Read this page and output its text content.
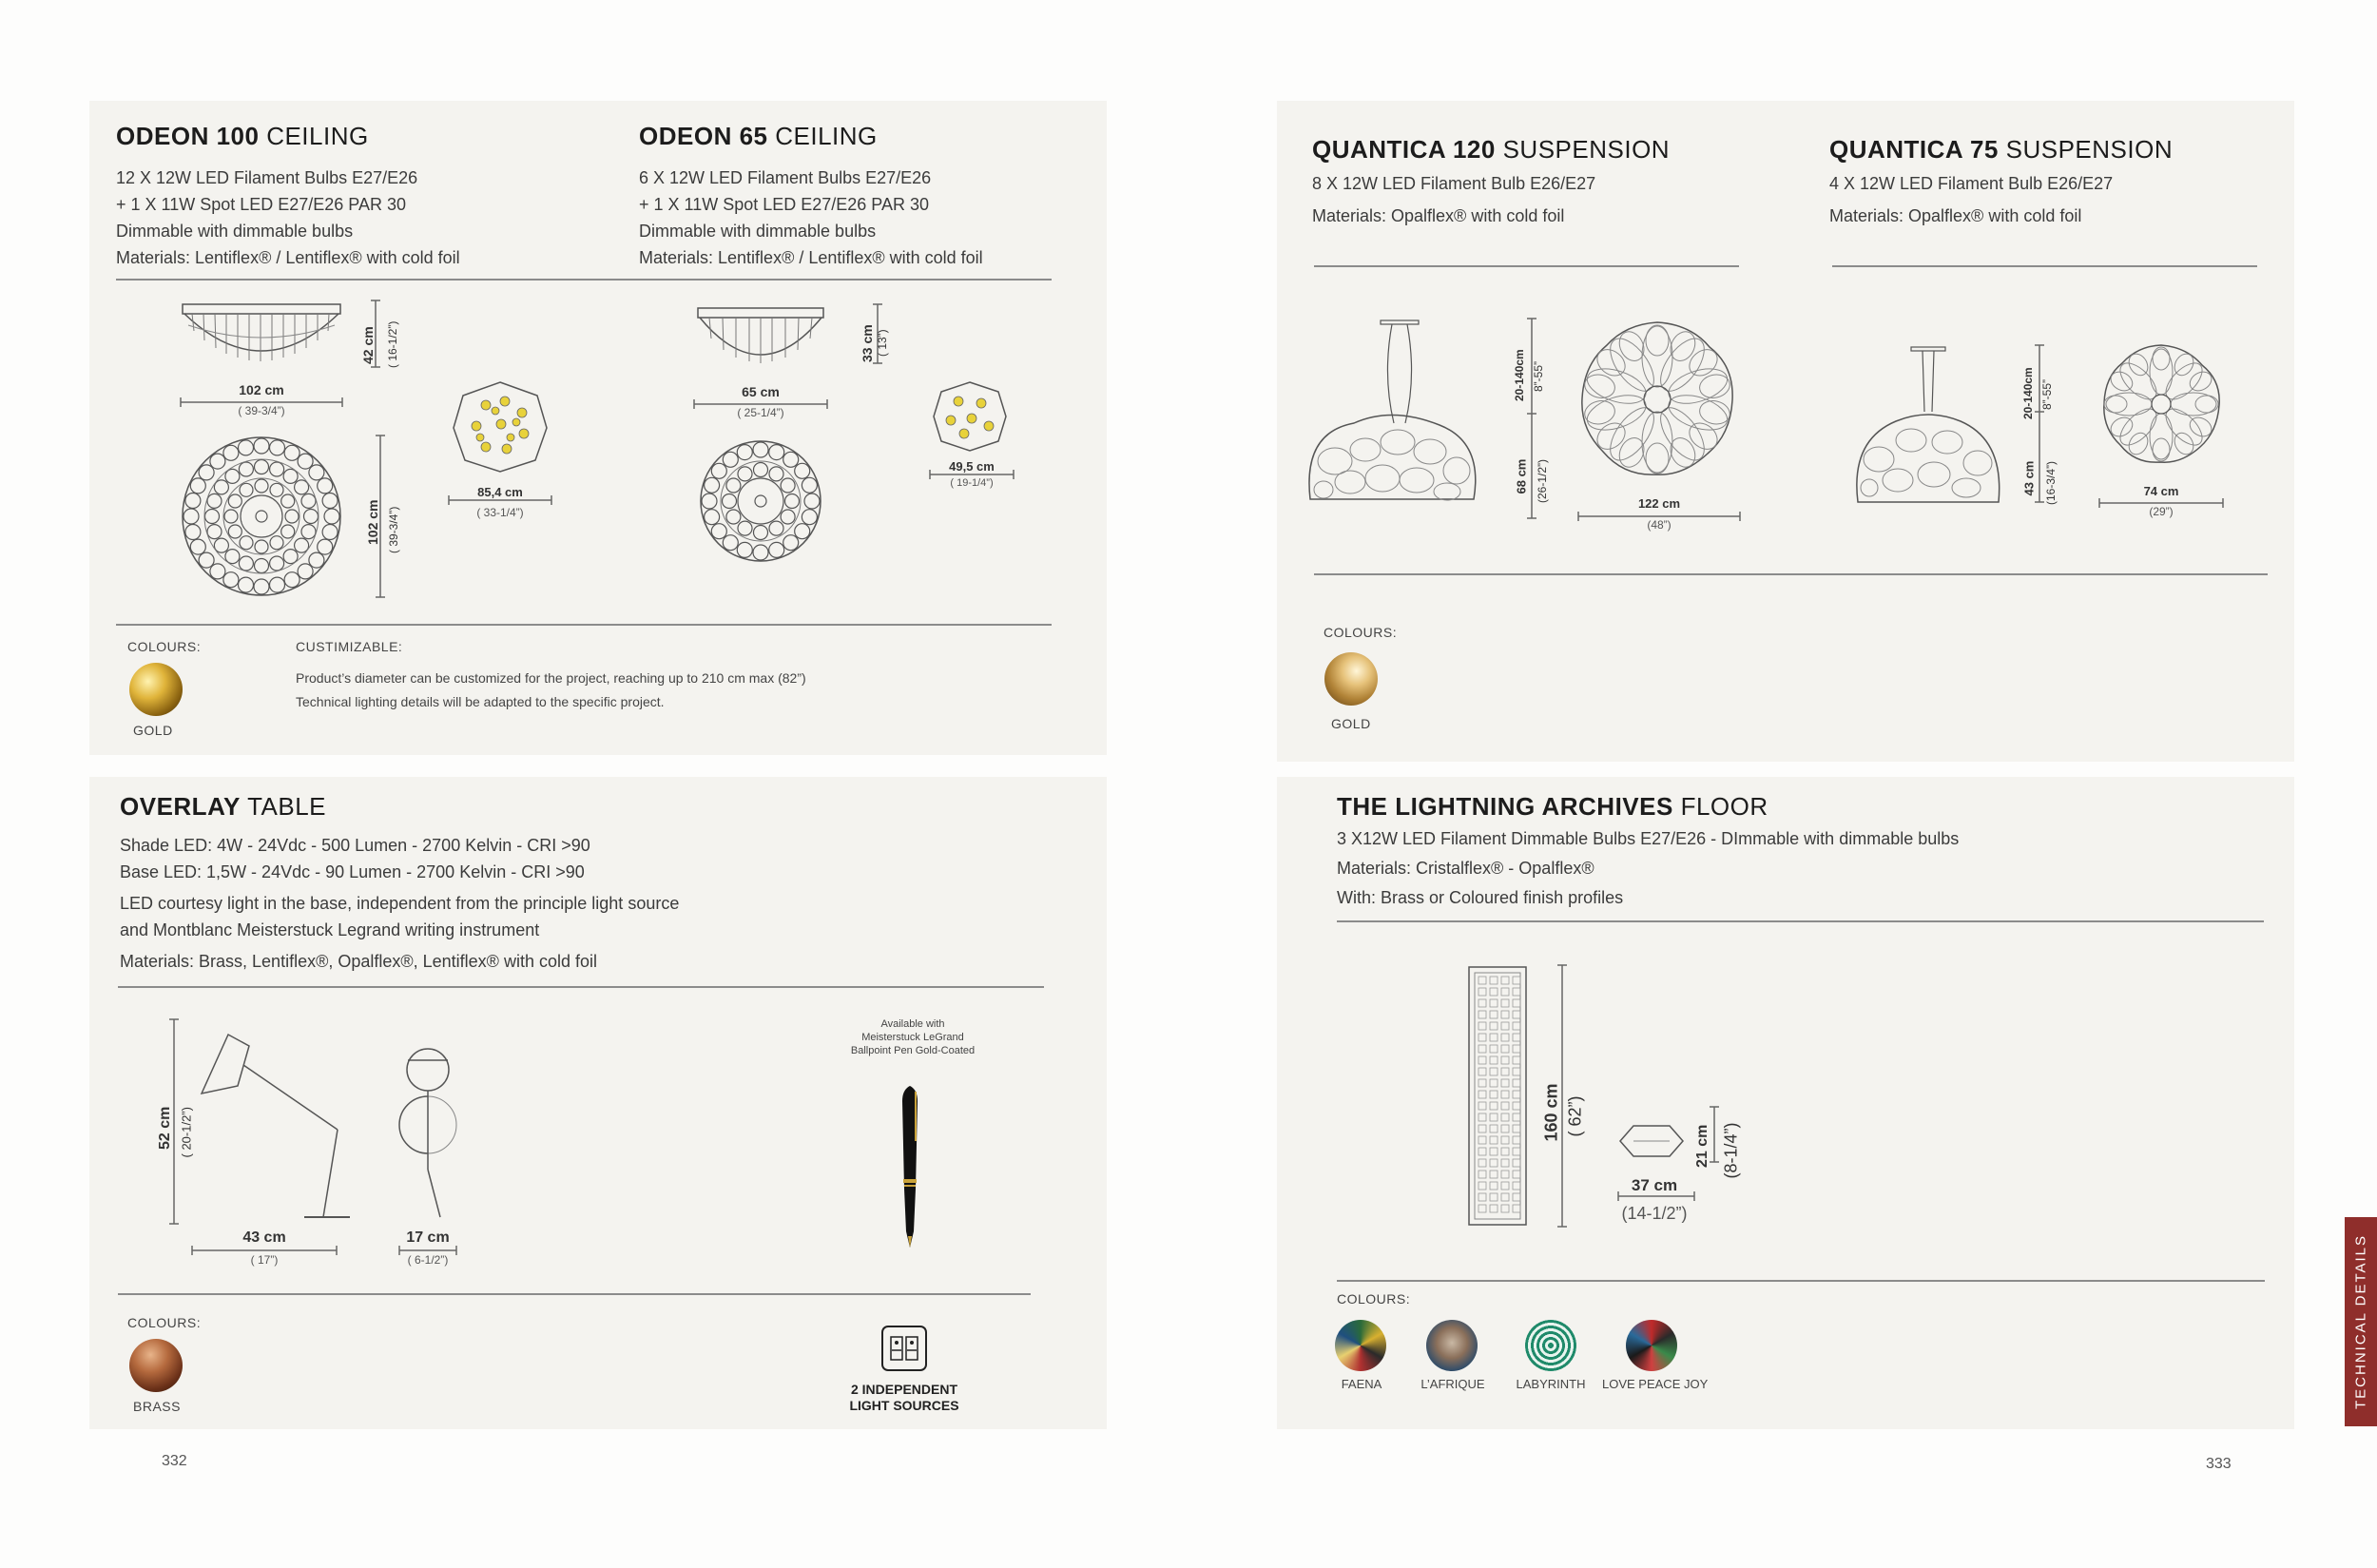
ODEON 100 CEILING
12 X 12W LED Filament Bulbs E27/E26
+ 1 X 11W Spot LED E27/E26 PAR 30
Dimmable with dimmable bulbs
Materials: Lentiflex® / Lentiflex® with cold foil
ODEON 65 CEILING
6 X 12W LED Filament Bulbs E27/E26
+ 1 X 11W Spot LED E27/E26 PAR 30
Dimmable with dimmable bulbs
Materials: Lentiflex® / Lentiflex® with cold foil
42 cm ( 16-1/2”)
102 cm
( 39-3/4”)
102 cm ( 39-3/4”)
85,4 cm
( 33-1/4”)
33 cm ( 13”)
65 cm
( 25-1/4”)
49,5 cm
( 19-1/4”)
COLOURS:
GOLD
CUSTIMIZABLE:
Product’s diameter can be customized for the project, reaching up to 210 cm max (82”)
Technical lighting details will be adapted to the specific project.
OVERLAY TABLE
Shade LED: 4W - 24Vdc - 500 Lumen - 2700 Kelvin - CRI >90
Base LED: 1,5W - 24Vdc - 90 Lumen - 2700 Kelvin - CRI >90
LED courtesy light in the base, independent from the principle light source
and Montblanc Meisterstuck Legrand writing instrument
Materials: Brass, Lentiflex®, Opalflex®, Lentiflex® with cold foil
52 cm ( 20-1/2”)
43 cm
( 17”)
17 cm
( 6-1/2”)
Available with
Meisterstuck LeGrand
Ballpoint Pen Gold-Coated
COLOURS:
BRASS
2 INDEPENDENT
LIGHT SOURCES
332
QUANTICA 120 SUSPENSION
8 X 12W LED Filament Bulb E26/E27
Materials: Opalflex® with cold foil
QUANTICA 75 SUSPENSION
4 X 12W LED Filament Bulb E26/E27
Materials: Opalflex® with cold foil
20-140cm 8”-55”
68 cm (26-1/2”)
122 cm
(48”)
20-140cm 8”-55”
43 cm (16-3/4”)	74 cm
(29”)
COLOURS:
GOLD
THE LIGHTNING ARCHIVES FLOOR
3 X12W LED Filament Dimmable Bulbs E27/E26 - DImmable with dimmable bulbs
Materials: Cristalflex® - Opalflex®
With: Brass or Coloured finish profiles
160 cm ( 62”)
21 cm (8-1/4”)
37 cm
(14-1/2”)
COLOURS:
FAENA	L’AFRIQUE	LABYRINTH LOVE PEACE JOY
333
TECHNICAL DETAILS
